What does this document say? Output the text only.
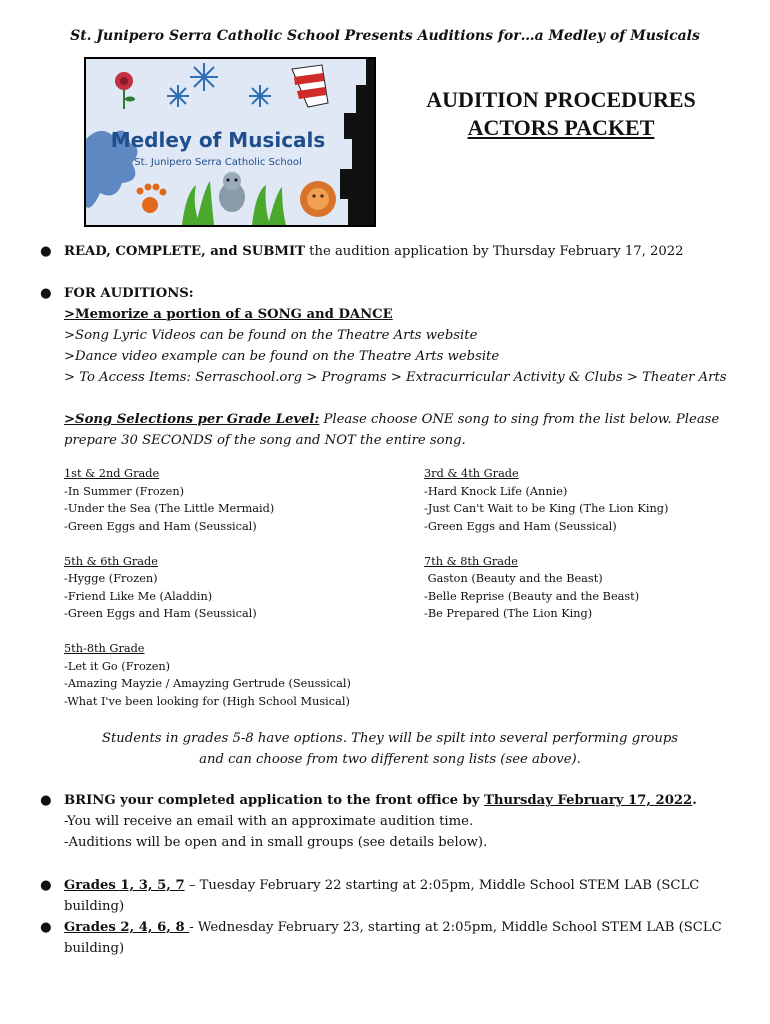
St. Junipero Serra Catholic School Presents Auditions for…a Medley of Musicals
Medley of Musicals
St. Junipero Serra Catholic School
AUDITION PROCEDURES
ACTORS PACKET
● READ, COMPLETE, and SUBMIT the audition application by Thursday February 17, 2022
● FOR AUDITIONS:
>Memorize a portion of a SONG and DANCE
>Song Lyric Videos can be found on the Theatre Arts website
>Dance video example can be found on the Theatre Arts website
> To Access Items: Serraschool.org > Programs > Extracurricular Activity & Clubs > Theater Arts
>Song Selections per Grade Level: Please choose ONE song to sing from the list below. Please prepare 30 SECONDS of the song and NOT the entire song.
1st & 2nd Grade
-In Summer (Frozen)
-Under the Sea (The Little Mermaid)
-Green Eggs and Ham (Seussical)
3rd & 4th Grade
-Hard Knock Life (Annie)
-Just Can't Wait to be King (The Lion King)
-Green Eggs and Ham (Seussical)
5th & 6th Grade
-Hygge (Frozen)
-Friend Like Me (Aladdin)
-Green Eggs and Ham (Seussical)
7th & 8th Grade
Gaston (Beauty and the Beast)
-Belle Reprise (Beauty and the Beast)
-Be Prepared (The Lion King)
5th-8th Grade
-Let it Go (Frozen)
-Amazing Mayzie / Amayzing Gertrude (Seussical)
-What I've been looking for (High School Musical)
Students in grades 5-8 have options. They will be spilt into several performing groups
and can choose from two different song lists (see above).
● BRING your completed application to the front office by Thursday February 17, 2022.
-You will receive an email with an approximate audition time.
-Auditions will be open and in small groups (see details below).
● Grades 1, 3, 5, 7 – Tuesday February 22 starting at 2:05pm, Middle School STEM LAB (SCLC building)
● Grades 2, 4, 6, 8 - Wednesday February 23, starting at 2:05pm, Middle School STEM LAB (SCLC building)
